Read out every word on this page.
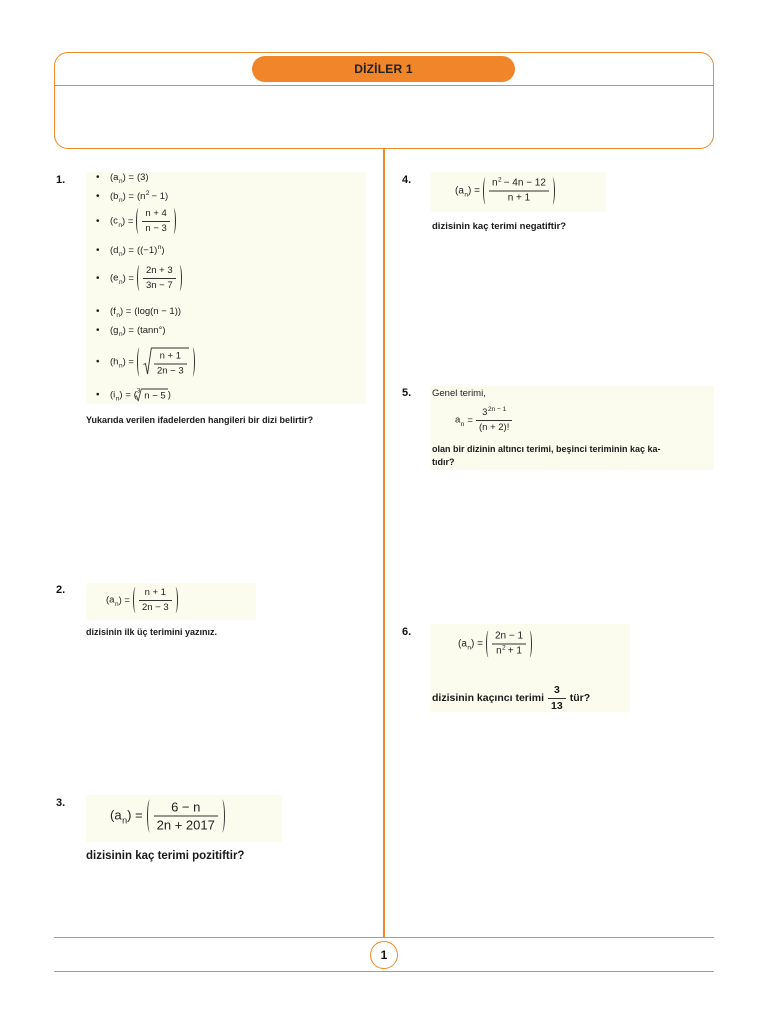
DİZİLER 1
1.	• $(a_n) = (3)$
• $(b_n) = (n^2 - 1)$
• $(c_n) = \frac{n + 4}{n - 3}$
• $(d_n) = ((-1)^n)$
• $(e_n) = \frac{2n + 3}{3n - 7}$
• $(f_n) = (\log(n - 1))$
• $(g_n) = (\tan n^\circ)$
• $(h_n) = \frac{n + 1}{2n - 3}$
• $(i_n) = (^3$ n − 5 )
Yukarıda verilen ifadelerden hangileri bir dizi belirtir?
2.
$(a_n) = \frac{n + 1}{2n - 3}$
dizisinin ilk üç terimini yazınız.
3.
$(a_n) = \frac{6 - n}{2n + 2017}$
dizisinin kaç terimi pozitiftir?
4.
$(a_n) = \frac{n^2 - 4n - 12}{n + 1}$
dizisinin kaç terimi negatiftir?
5. Genel terimi,
$a_n = \frac{3^{2n - 1}}{(n + 2)!}$
olan bir dizinin altıncı terimi, beşinci teriminin kaç ka-
tıdır?
6.
$(a_n) = \frac{2n - 1}{n^2 + 1}$
dizisinin kaçıncı terimi $\frac{3}{13}$ tür?
1
